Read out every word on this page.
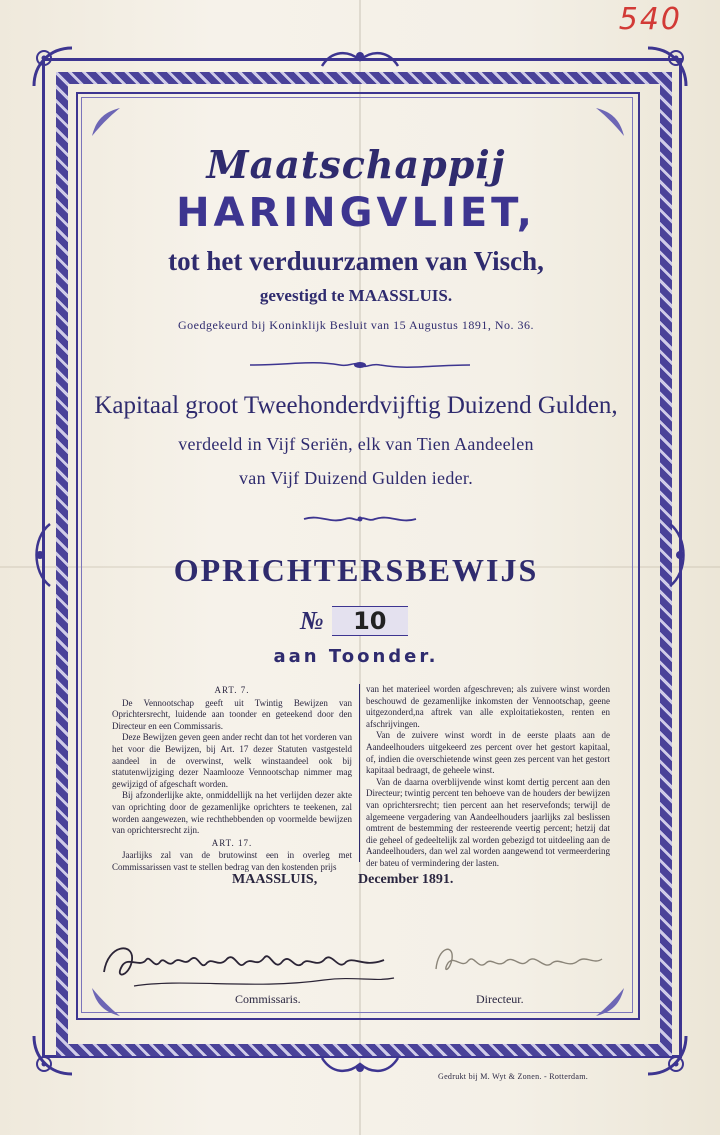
540
Maatschappij
HARINGVLIET,
tot het verduurzamen van Visch,
gevestigd te MAASSLUIS.
Goedgekeurd bij Koninklijk Besluit van 15 Augustus 1891, No. 36.
Kapitaal groot Tweehonderdvijftig Duizend Gulden,
verdeeld in Vijf Seriën, elk van Tien Aandeelen
van Vijf Duizend Gulden ieder.
OPRICHTERSBEWIJS
№	10
aan Toonder.

ART. 7.

De Vennootschap geeft uit Twintig Bewijzen van Oprichtersrecht, luidende aan toonder en geteekend door den Directeur en een Commissaris.

Deze Bewijzen geven geen ander recht dan tot het vorderen van het voor die Bewijzen, bij Art. 17 dezer Statuten vastgesteld aandeel in de overwinst, welk winstaandeel ook bij statutenwijziging dezer Naamlooze Vennootschap nimmer mag gewijzigd of afgeschaft worden.

Bij afzonderlijke akte, onmiddellijk na het verlijden dezer akte van oprichting door de gezamenlijke oprichters te teekenen, zal worden aangewezen, wie rechthebbenden op voormelde bewijzen van oprichtersrecht zijn.

ART. 17.

Jaarlijks zal van de brutowinst een in overleg met Commissarissen vast te stellen bedrag van den kostenden prijs

van het materieel worden afgeschreven; als zuivere winst worden beschouwd de gezamenlijke inkomsten der Vennootschap, geene uitgezonderd,na aftrek van alle exploitatiekosten, renten en afschrijvingen.

Van de zuivere winst wordt in de eerste plaats aan de Aandeelhouders uitgekeerd zes percent over het gestort kapitaal, of, indien die overschietende winst geen zes percent van het gestort kapitaal bedraagt, de geheele winst.

Van de daarna overblijvende winst komt dertig percent aan den Directeur; twintig percent ten behoeve van de houders der bewijzen van oprichtersrecht; tien percent aan het reservefonds; terwijl de algemeene vergadering van Aandeelhouders jaarlijks zal beslissen omtrent de bestemming der resteerende veertig percent; hetzij dat die geheel of gedeeltelijk zal worden gebezigd tot uitdeeling aan de Aandeelhouders, dan wel zal worden aangewend tot vermeerdering der bateu of vermindering der lasten.

MAASSLUIS,	December 1891.
Commissaris.	Directeur.
Gedrukt bij M. Wyt & Zonen. - Rotterdam.
